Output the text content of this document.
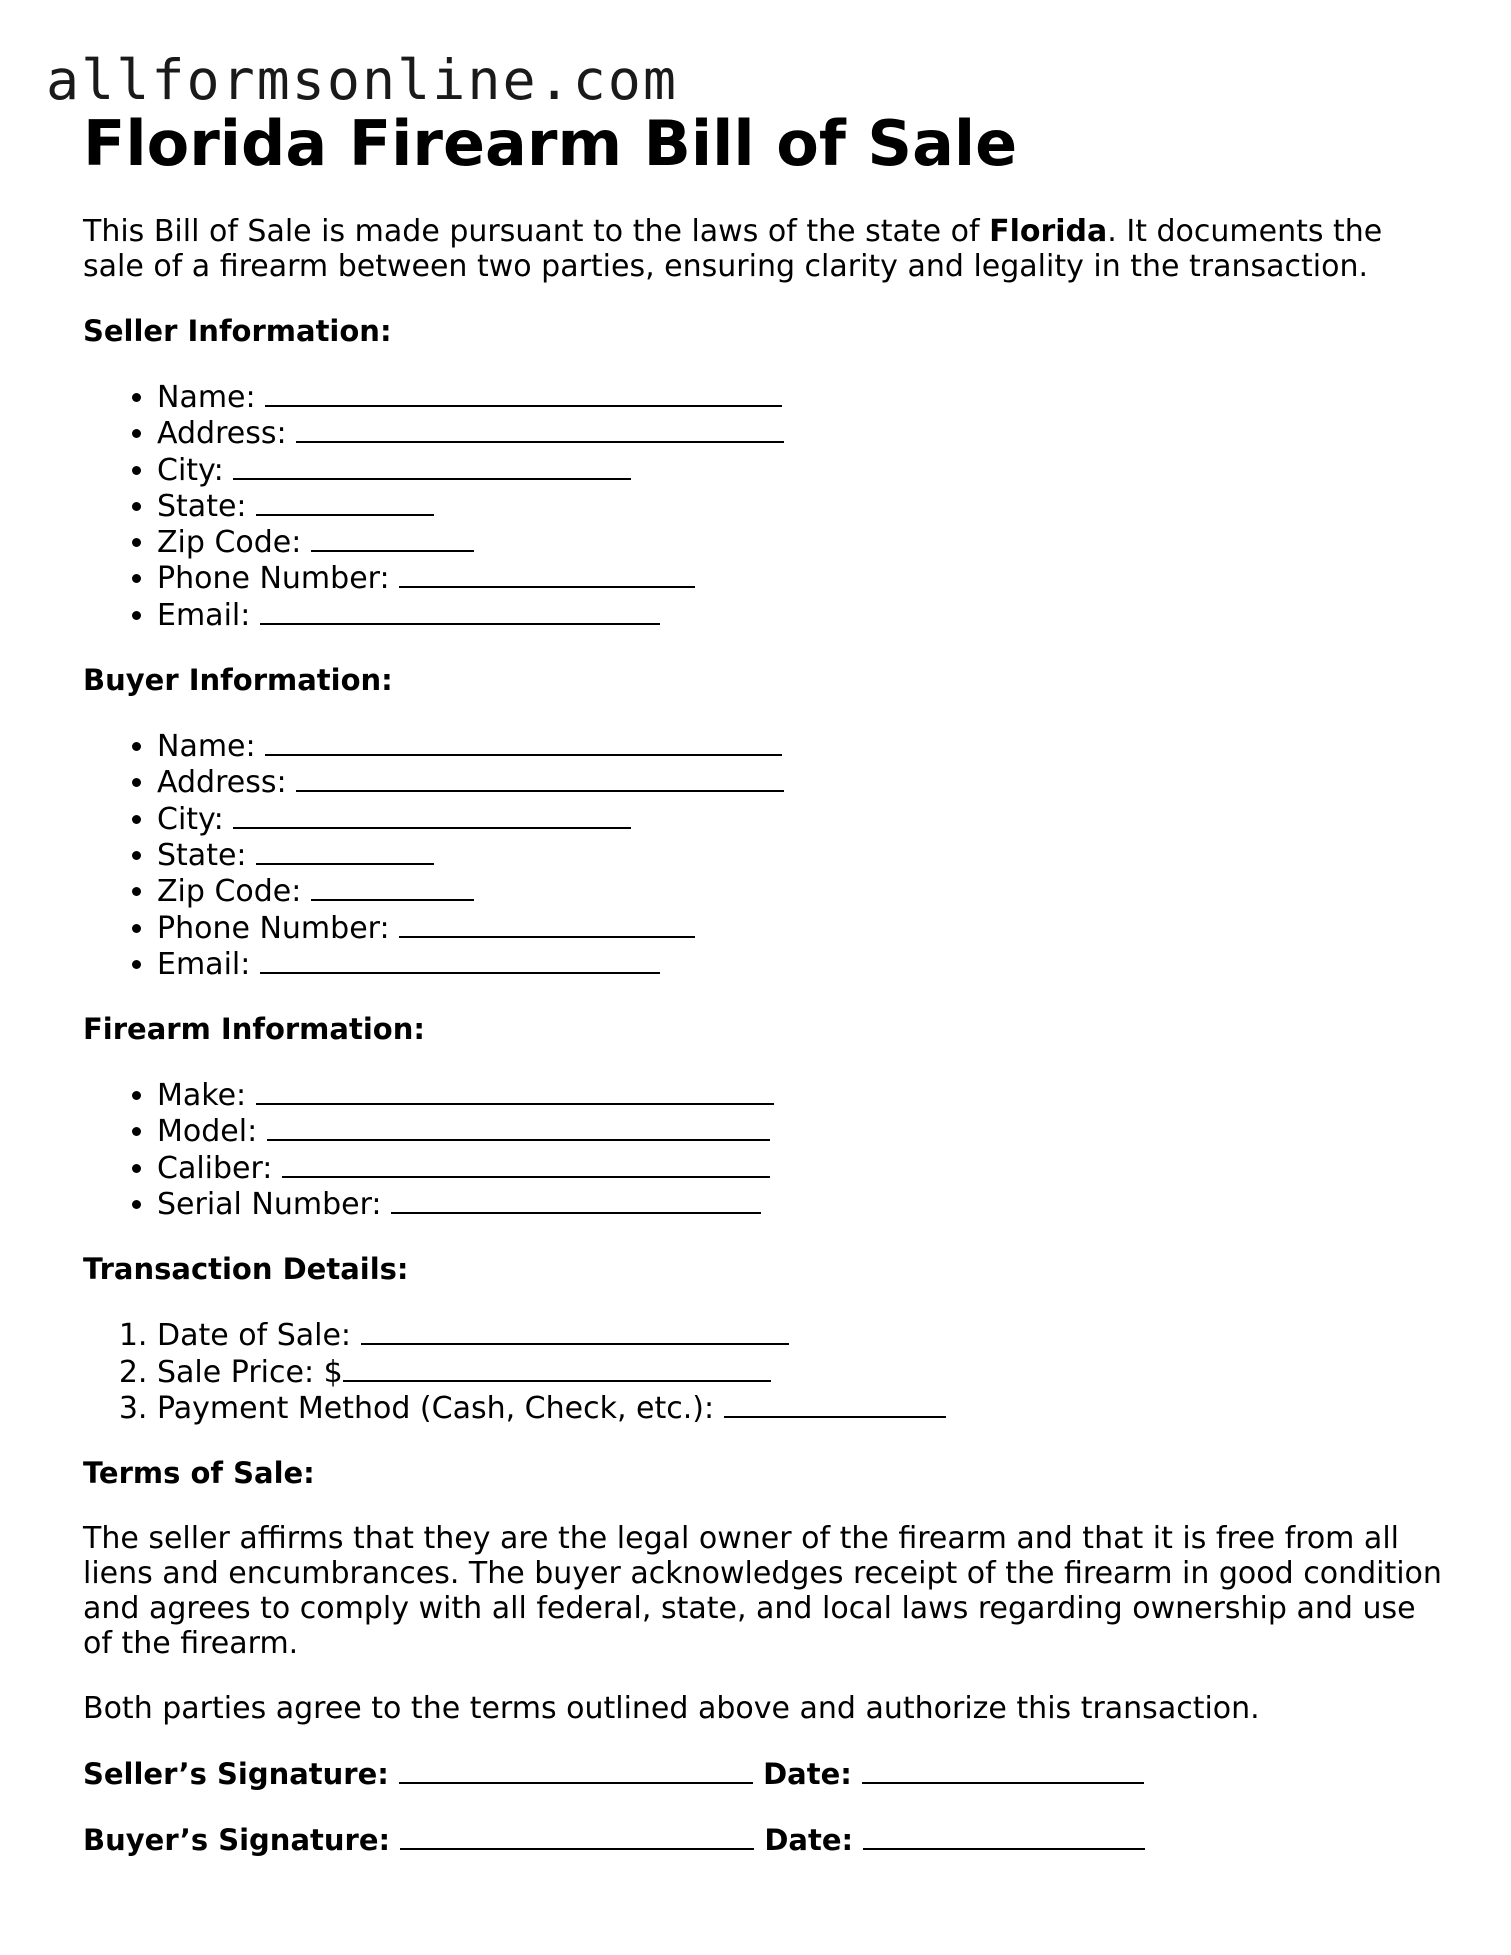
allformsonline.com
Florida Firearm Bill of Sale

This Bill of Sale is made pursuant to the laws of the state of Florida. It documents the sale of a firearm between two parties, ensuring clarity and legality in the transaction.

Seller Information:
• Name:
• Address:
• City:
• State:
• Zip Code:
• Phone Number:
• Email:
Buyer Information:
• Name:
• Address:
• City:
• State:
• Zip Code:
• Phone Number:
• Email:
Firearm Information:
• Make:
• Model:
• Caliber:
• Serial Number:
Transaction Details:
1. Date of Sale:
2. Sale Price: $
3. Payment Method (Cash, Check, etc.):
Terms of Sale:

The seller affirms that they are the legal owner of the firearm and that it is free from all liens and encumbrances. The buyer acknowledges receipt of the firearm in good condition and agrees to comply with all federal, state, and local laws regarding ownership and use of the firearm.

Both parties agree to the terms outlined above and authorize this transaction.

Seller’s Signature:	Date:
Buyer’s Signature:	Date:
